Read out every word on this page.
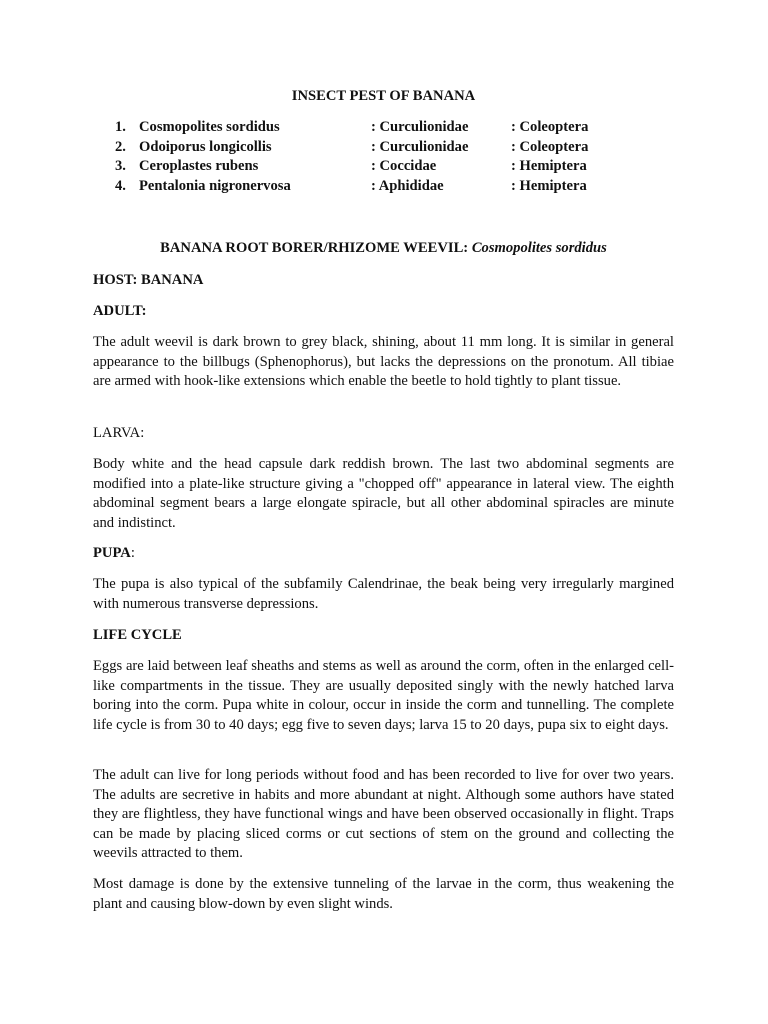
INSECT PEST OF BANANA
1. Cosmopolites sordidus	: Curculionidae	: Coleoptera
2. Odoiporus longicollis	: Curculionidae	: Coleoptera
3. Ceroplastes rubens	: Coccidae	: Hemiptera
4. Pentalonia nigronervosa	: Aphididae	: Hemiptera
BANANA ROOT BORER/RHIZOME WEEVIL: Cosmopolites sordidus
HOST: BANANA
ADULT:

The adult weevil is dark brown to grey black, shining, about 11 mm long. It is similar in general appearance to the billbugs (Sphenophorus), but lacks the depressions on the pronotum. All tibiae are armed with hook-like extensions which enable the beetle to hold tightly to plant tissue.

LARVA:

Body white and the head capsule dark reddish brown. The last two abdominal segments are modified into a plate-like structure giving a "chopped off" appearance in lateral view. The eighth abdominal segment bears a large elongate spiracle, but all other abdominal spiracles are minute and indistinct.

PUPA:

The pupa is also typical of the subfamily Calendrinae, the beak being very irregularly margined with numerous transverse depressions.

LIFE CYCLE

Eggs are laid between leaf sheaths and stems as well as around the corm, often in the enlarged cell-like compartments in the tissue. They are usually deposited singly with the newly hatched larva boring into the corm. Pupa white in colour, occur in inside the corm and tunnelling. The complete life cycle is from 30 to 40 days; egg five to seven days; larva 15 to 20 days, pupa six to eight days.

The adult can live for long periods without food and has been recorded to live for over two years. The adults are secretive in habits and more abundant at night. Although some authors have stated they are flightless, they have functional wings and have been observed occasionally in flight. Traps can be made by placing sliced corms or cut sections of stem on the ground and collecting the weevils attracted to them.

Most damage is done by the extensive tunneling of the larvae in the corm, thus weakening the plant and causing blow-down by even slight winds.
